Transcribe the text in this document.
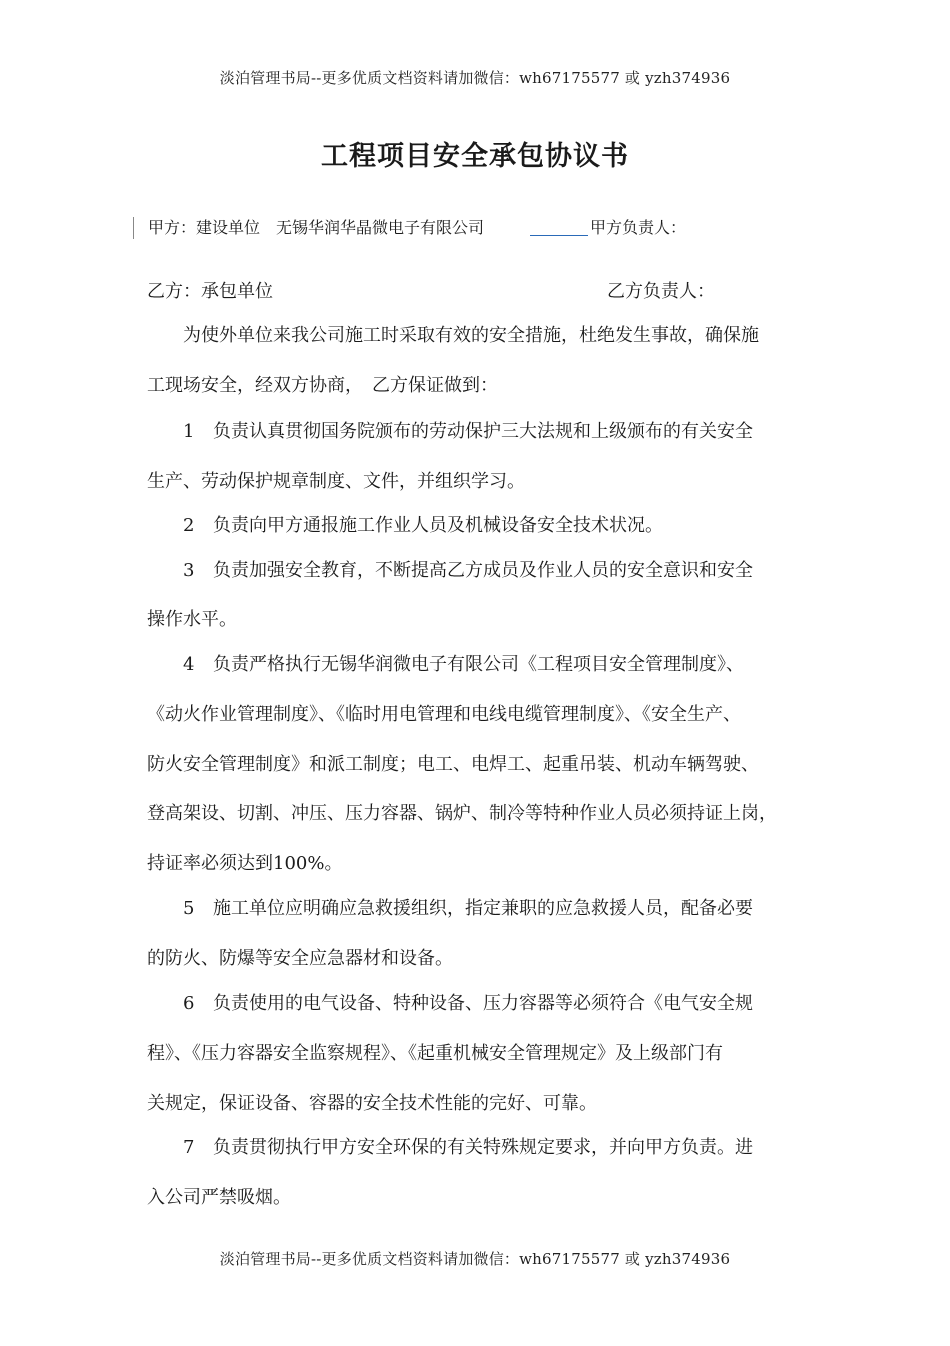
淡泊管理书局--更多优质文档资料请加微信：wh67175577 或 yzh374936
工程项目安全承包协议书
甲方：建设单位 无锡华润华晶微电子有限公司	甲方负责人：
乙方：承包单位	乙方负责人：
为使外单位来我公司施工时采取有效的安全措施，杜绝发生事故，确保施
工现场安全，经双方协商，　乙方保证做到：
1 负责认真贯彻国务院颁布的劳动保护三大法规和上级颁布的有关安全
生产、劳动保护规章制度、文件，并组织学习。
2 负责向甲方通报施工作业人员及机械设备安全技术状况。
3 负责加强安全教育，不断提高乙方成员及作业人员的安全意识和安全
操作水平。
4 负责严格执行无锡华润微电子有限公司《工程项目安全管理制度》、
《动火作业管理制度》、《临时用电管理和电线电缆管理制度》、《安全生产、
防火安全管理制度》和派工制度；电工、电焊工、起重吊装、机动车辆驾驶、
登高架设、切割、冲压、压力容器、锅炉、制冷等特种作业人员必须持证上岗，
持证率必须达到100%。
5 施工单位应明确应急救援组织，指定兼职的应急救援人员，配备必要
的防火、防爆等安全应急器材和设备。
6 负责使用的电气设备、特种设备、压力容器等必须符合《电气安全规
程》、《压力容器安全监察规程》、《起重机械安全管理规定》及上级部门有
关规定，保证设备、容器的安全技术性能的完好、可靠。
7 负责贯彻执行甲方安全环保的有关特殊规定要求，并向甲方负责。进
入公司严禁吸烟。
淡泊管理书局--更多优质文档资料请加微信：wh67175577 或 yzh374936
